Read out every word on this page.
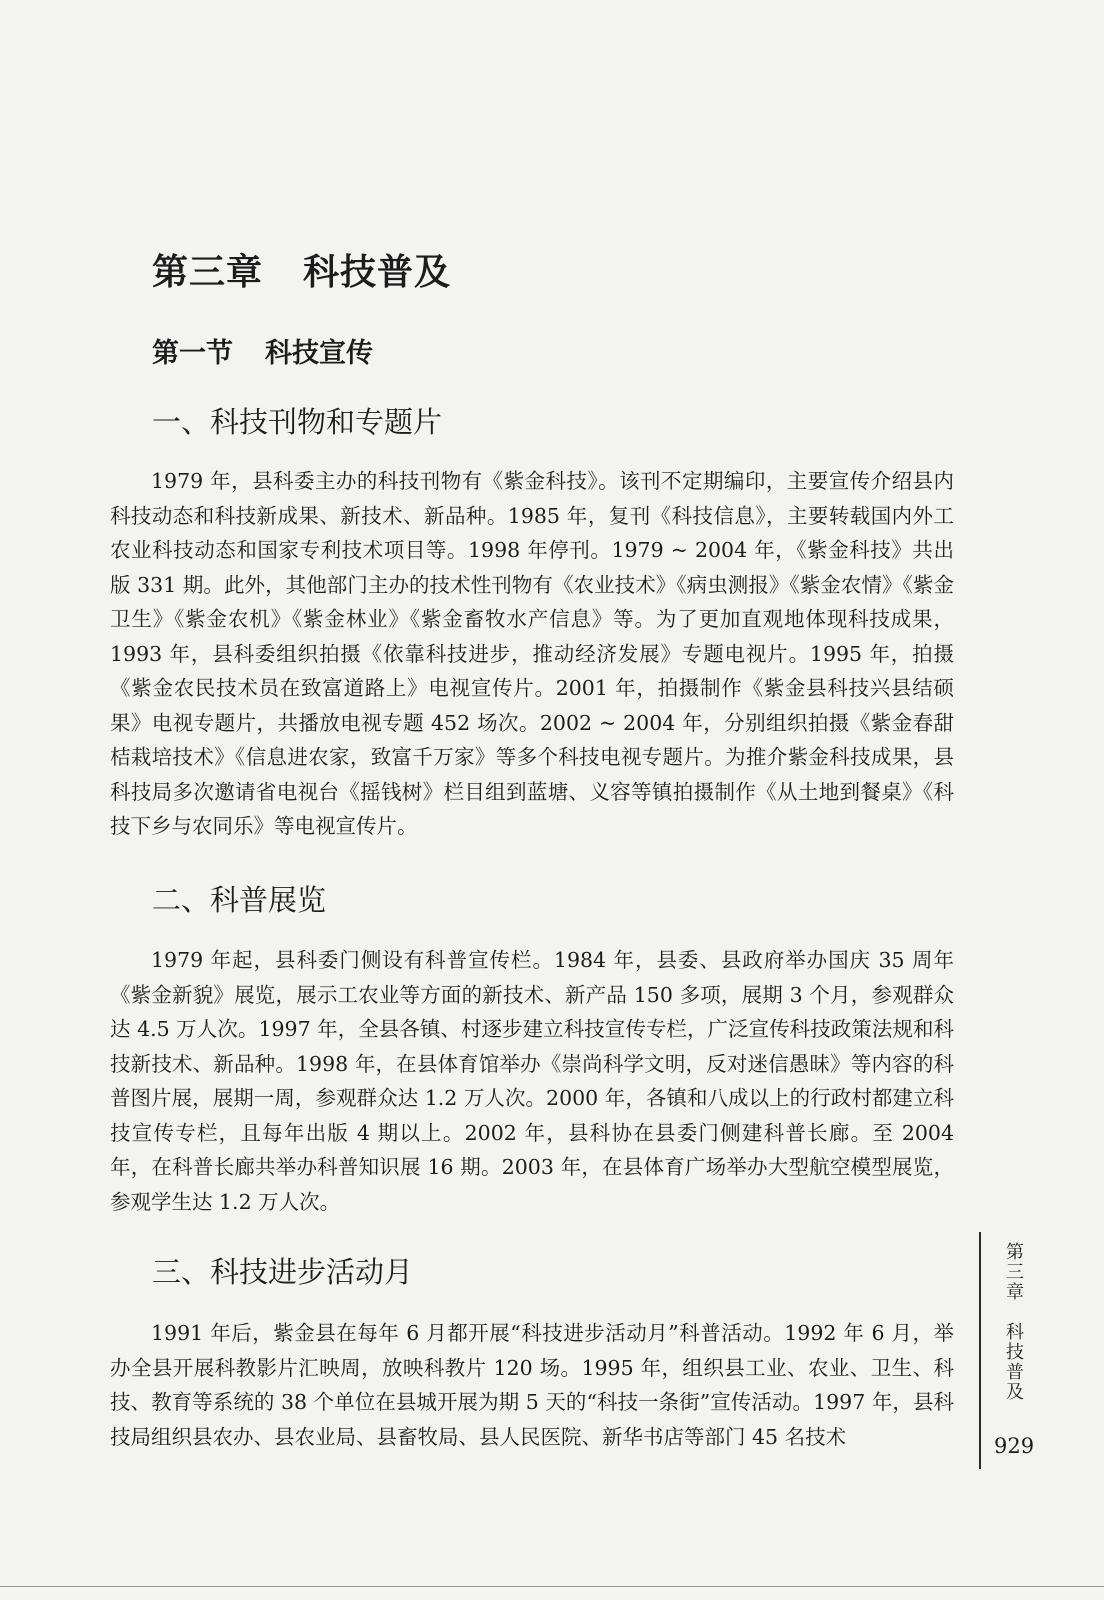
第三章 科技普及
第一节 科技宣传
一、科技刊物和专题片

1979 年，县科委主办的科技刊物有《紫金科技》。该刊不定期编印，主要宣传介绍县内科技动态和科技新成果、新技术、新品种。1985 年，复刊《科技信息》，主要转载国内外工农业科技动态和国家专利技术项目等。1998 年停刊。1979 ~ 2004 年，《紫金科技》共出版 331 期。此外，其他部门主办的技术性刊物有《农业技术》《病虫测报》《紫金农情》《紫金卫生》《紫金农机》《紫金林业》《紫金畜牧水产信息》等。为了更加直观地体现科技成果，1993 年，县科委组织拍摄《依靠科技进步，推动经济发展》专题电视片。1995 年，拍摄《紫金农民技术员在致富道路上》电视宣传片。2001 年，拍摄制作《紫金县科技兴县结硕果》电视专题片，共播放电视专题 452 场次。2002 ~ 2004 年，分别组织拍摄《紫金春甜桔栽培技术》《信息进农家，致富千万家》等多个科技电视专题片。为推介紫金科技成果，县科技局多次邀请省电视台《摇钱树》栏目组到蓝塘、义容等镇拍摄制作《从土地到餐桌》《科技下乡与农同乐》等电视宣传片。

二、科普展览

1979 年起，县科委门侧设有科普宣传栏。1984 年，县委、县政府举办国庆 35 周年《紫金新貌》展览，展示工农业等方面的新技术、新产品 150 多项，展期 3 个月，参观群众达 4.5 万人次。1997 年，全县各镇、村逐步建立科技宣传专栏，广泛宣传科技政策法规和科技新技术、新品种。1998 年，在县体育馆举办《崇尚科学文明，反对迷信愚昧》等内容的科普图片展，展期一周，参观群众达 1.2 万人次。2000 年，各镇和八成以上的行政村都建立科技宣传专栏，且每年出版 4 期以上。2002 年，县科协在县委门侧建科普长廊。至 2004 年，在科普长廊共举办科普知识展 16 期。2003 年，在县体育广场举办大型航空模型展览，参观学生达 1.2 万人次。

三、科技进步活动月

1991 年后，紫金县在每年 6 月都开展“科技进步活动月”科普活动。1992 年 6 月，举办全县开展科教影片汇映周，放映科教片 120 场。1995 年，组织县工业、农业、卫生、科技、教育等系统的 38 个单位在县城开展为期 5 天的“科技一条街”宣传活动。1997 年，县科技局组织县农办、县农业局、县畜牧局、县人民医院、新华书店等部门 45 名技术

第三章
科技普及
929
